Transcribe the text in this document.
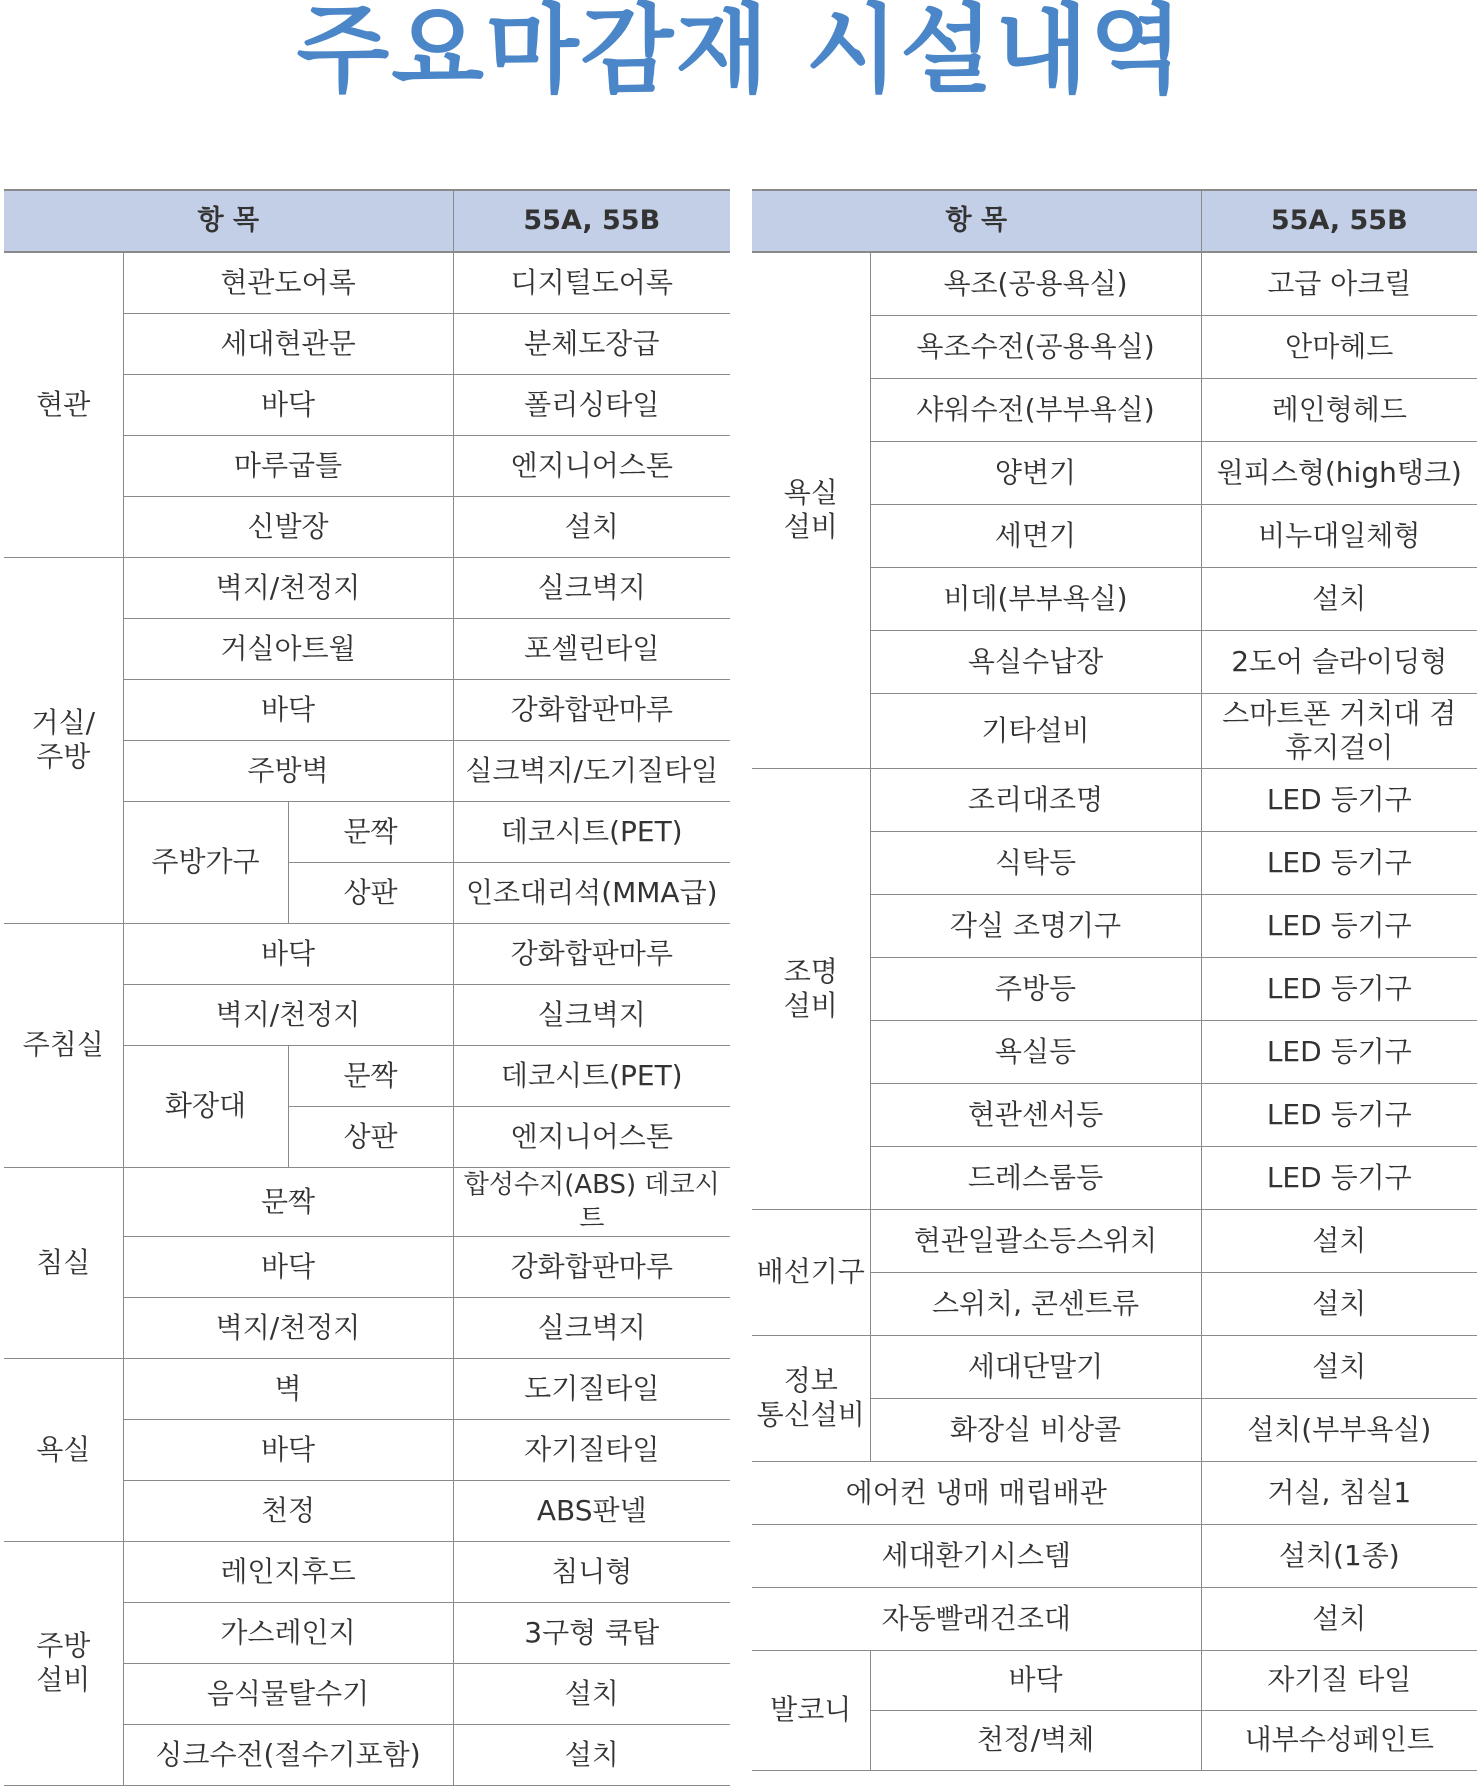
주요마감재 시설내역
항 목			55A, 55B
현관	현관도어록		디지털도어록
	세대현관문		분체도장급
	바닥		폴리싱타일
	마루굽틀		엔지니어스톤
	신발장		설치
거실/
주방	벽지/천정지		실크벽지
	거실아트월		포셀린타일
	바닥		강화합판마루
	주방벽		실크벽지/도기질타일
	주방가구	문짝	데코시트(PET)
		상판	인조대리석(MMA급)
주침실	바닥		강화합판마루
	벽지/천정지		실크벽지
	화장대	문짝	데코시트(PET)
		상판	엔지니어스톤
침실	문짝		합성수지(ABS) 데코시트
	바닥		강화합판마루
	벽지/천정지		실크벽지
욕실	벽		도기질타일
	바닥		자기질타일
	천정		ABS판넬
주방
설비	레인지후드		침니형
	가스레인지		3구형 쿡탑
	음식물탈수기		설치
	싱크수전(절수기포함)		설치
항 목		55A, 55B
욕실
설비	욕조(공용욕실)	고급 아크릴
	욕조수전(공용욕실)	안마헤드
	샤워수전(부부욕실)	레인형헤드
	양변기	원피스형(high탱크)
	세면기	비누대일체형
	비데(부부욕실)	설치
	욕실수납장	2도어 슬라이딩형
	기타설비	스마트폰 거치대 겸
휴지걸이
조명
설비	조리대조명	LED 등기구
	식탁등	LED 등기구
	각실 조명기구	LED 등기구
	주방등	LED 등기구
	욕실등	LED 등기구
	현관센서등	LED 등기구
	드레스룸등	LED 등기구
배선기구	현관일괄소등스위치	설치
	스위치, 콘센트류	설치
정보
통신설비	세대단말기	설치
	화장실 비상콜	설치(부부욕실)
에어컨 냉매 매립배관		거실, 침실1
세대환기시스템		설치(1종)
자동빨래건조대		설치
발코니	바닥	자기질 타일
	천정/벽체	내부수성페인트
